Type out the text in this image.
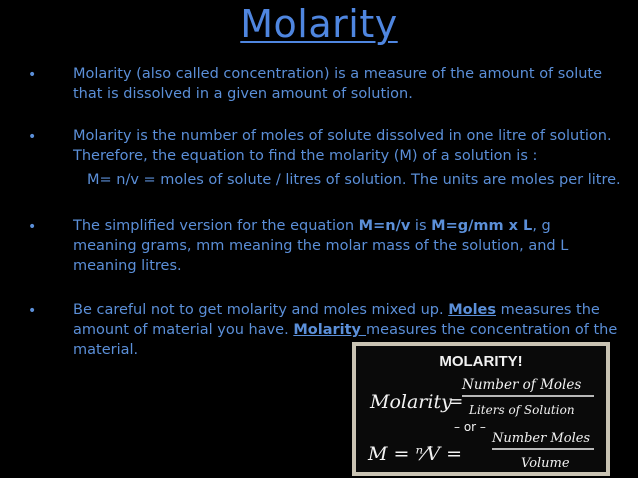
Molarity
•	Molarity (also called concentration) is a measure of the amount of solute that is dissolved in a given amount of solution.
•	Molarity is the number of moles of solute dissolved in one litre of solution. Therefore, the equation to find the molarity (M) of a solution is :
M= n/v = moles of solute / litres of solution. The units are moles per litre.
•	The simplified version for the equation M=n/v is M=g/mm x L, g meaning grams, mm meaning the molar mass of the solution, and L meaning litres.
•	Be careful not to get molarity and moles mixed up. Moles measures the amount of material you have. Molarity measures the concentration of the material.
MOLARITY!
Molarity
=
Number of Moles
Liters of Solution
– or –
M = ⁿ⁄V =
Number Moles
Volume
